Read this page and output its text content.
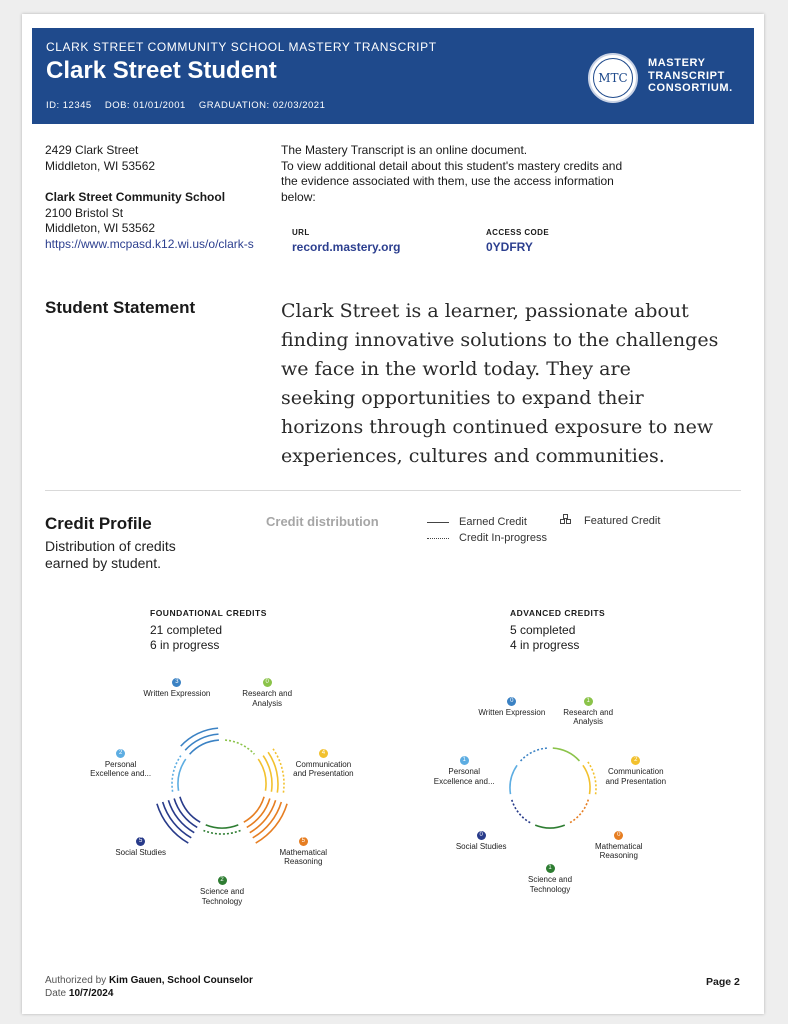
CLARK STREET COMMUNITY SCHOOL MASTERY TRANSCRIPT
Clark Street Student
ID: 12345 DOB: 01/01/2001 GRADUATION: 02/03/2021
MTC
MASTERY
TRANSCRIPT
CONSORTIUM.
2429 Clark Street
Middleton, WI 53562
Clark Street Community School
2100 Bristol St
Middleton, WI 53562
https://www.mcpasd.k12.wi.us/o/clark-s
The Mastery Transcript is an online document.
To view additional detail about this student's mastery credits and
the evidence associated with them, use the access information
below:
URL
record.mastery.org
ACCESS CODE
0YDFRY
Student Statement	Clark Street is a learner, passionate about
finding innovative solutions to the challenges
we face in the world today. They are
seeking opportunities to expand their
horizons through continued exposure to new
experiences, cultures and communities.
Credit Profile
Distribution of credits
earned by student.
Credit distribution	Earned Credit
Credit In-progress
Featured Credit
FOUNDATIONAL CREDITS
21 completed
6 in progress
ADVANCED CREDITS
5 completed
4 in progress
0
Research and
Analysis
4
Communication
and Presentation
5
Mathematical
Reasoning
2
Science and
Technology
5
Social Studies
2
Personal
Excellence and...
3
Written Expression
1
Research and
Analysis
2
Communication
and Presentation
0
Mathematical
Reasoning
1
Science and
Technology
0
Social Studies
1
Personal
Excellence and...
0
Written Expression
Authorized by Kim Gauen, School Counselor
Date 10/7/2024
Page 2
